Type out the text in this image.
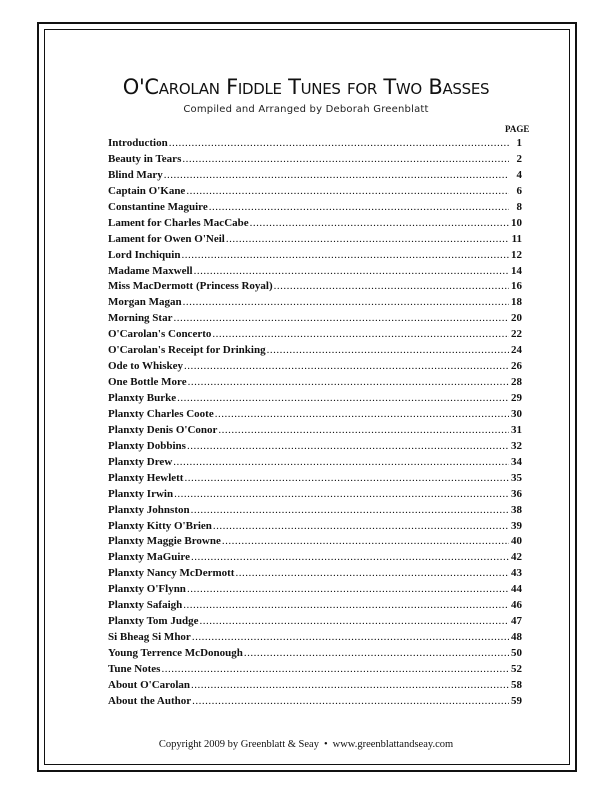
O'Carolan Fiddle Tunes for Two Basses
Compiled and Arranged by Deborah Greenblatt
PAGE
Introduction .....	1
Beauty in Tears .....	2
Blind Mary .....	4
Captain O'Kane .....	6
Constantine Maguire .....	8
Lament for Charles MacCabe .....	10
Lament for Owen O'Neil .....	11
Lord Inchiquin .....	12
Madame Maxwell .....	14
Miss MacDermott (Princess Royal) .....	16
Morgan Magan .....	18
Morning Star .....	20
O'Carolan's Concerto .....	22
O'Carolan's Receipt for Drinking .....	24
Ode to Whiskey .....	26
One Bottle More .....	28
Planxty Burke .....	29
Planxty Charles Coote .....	30
Planxty Denis O'Conor .....	31
Planxty Dobbins .....	32
Planxty Drew .....	34
Planxty Hewlett .....	35
Planxty Irwin .....	36
Planxty Johnston .....	38
Planxty Kitty O'Brien .....	39
Planxty Maggie Browne .....	40
Planxty MaGuire .....	42
Planxty Nancy McDermott .....	43
Planxty O'Flynn .....	44
Planxty Safaigh .....	46
Planxty Tom Judge .....	47
Si Bheag Si Mhor .....	48
Young Terrence McDonough .....	50
Tune Notes .....	52
About O'Carolan .....	58
About the Author .....	59
Copyright 2009 by Greenblatt & Seay • www.greenblattandseay.com
